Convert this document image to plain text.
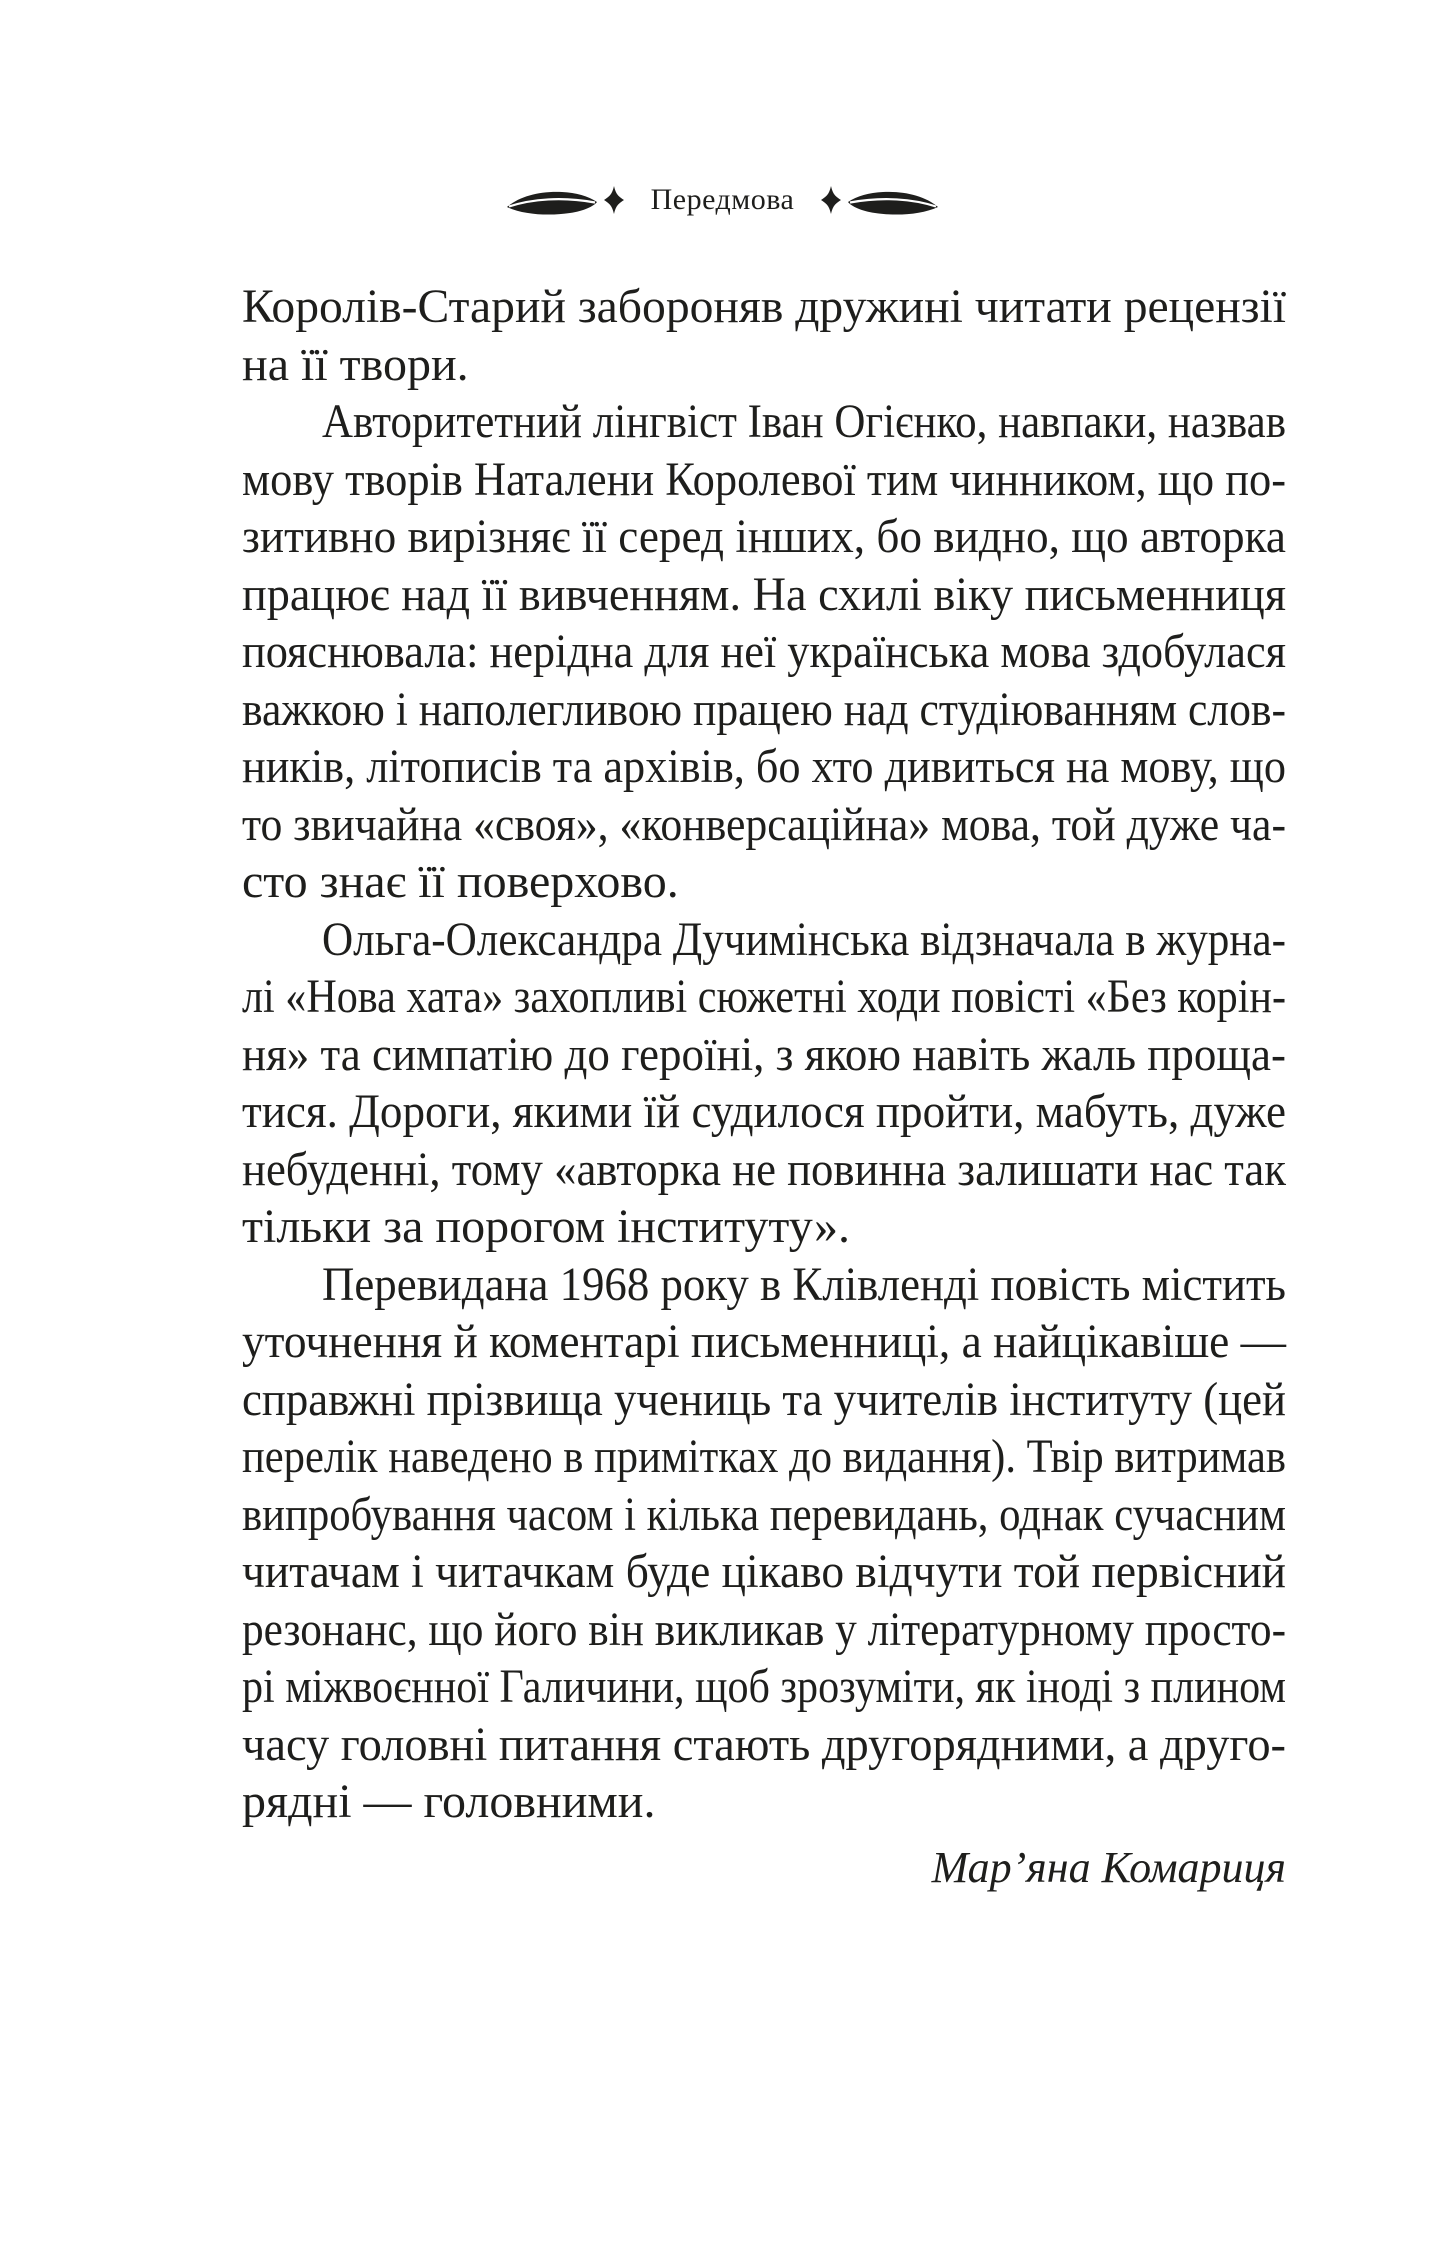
Передмова
Королів-Старий забороняв дружині читати рецензії
на її твори.
Авторитетний лінгвіст Іван Огієнко, навпаки, назвав
мову творів Наталени Королевої тим чинником, що по-
зитивно вирізняє її серед інших, бо видно, що авторка
працює над її вивченням. На схилі віку письменниця
пояснювала: нерідна для неї українська мова здобулася
важкою і наполегливою працею над студіюванням слов-
ників, літописів та архівів, бо хто дивиться на мову, що
то звичайна «своя», «конверсаційна» мова, той дуже ча-
сто знає її поверхово.
Ольга-Олександра Дучимінська відзначала в журна-
лі «Нова хата» захопливі сюжетні ходи повісті «Без корін-
ня» та симпатію до героїні, з якою навіть жаль проща-
тися. Дороги, якими їй судилося пройти, мабуть, дуже
небуденні, тому «авторка не повинна залишати нас так
тільки за порогом інституту».
Перевидана 1968 року в Клівленді повість містить
уточнення й коментарі письменниці, а найцікавіше —
справжні прізвища учениць та учителів інституту (цей
перелік наведено в примітках до видання). Твір витримав
випробування часом і кілька перевидань, однак сучасним
читачам і читачкам буде цікаво відчути той первісний
резонанс, що його він викликав у літературному просто-
рі міжвоєнної Галичини, щоб зрозуміти, як іноді з плином
часу головні питання стають другорядними, а друго-
рядні — головними.
Мар’яна Комариця
